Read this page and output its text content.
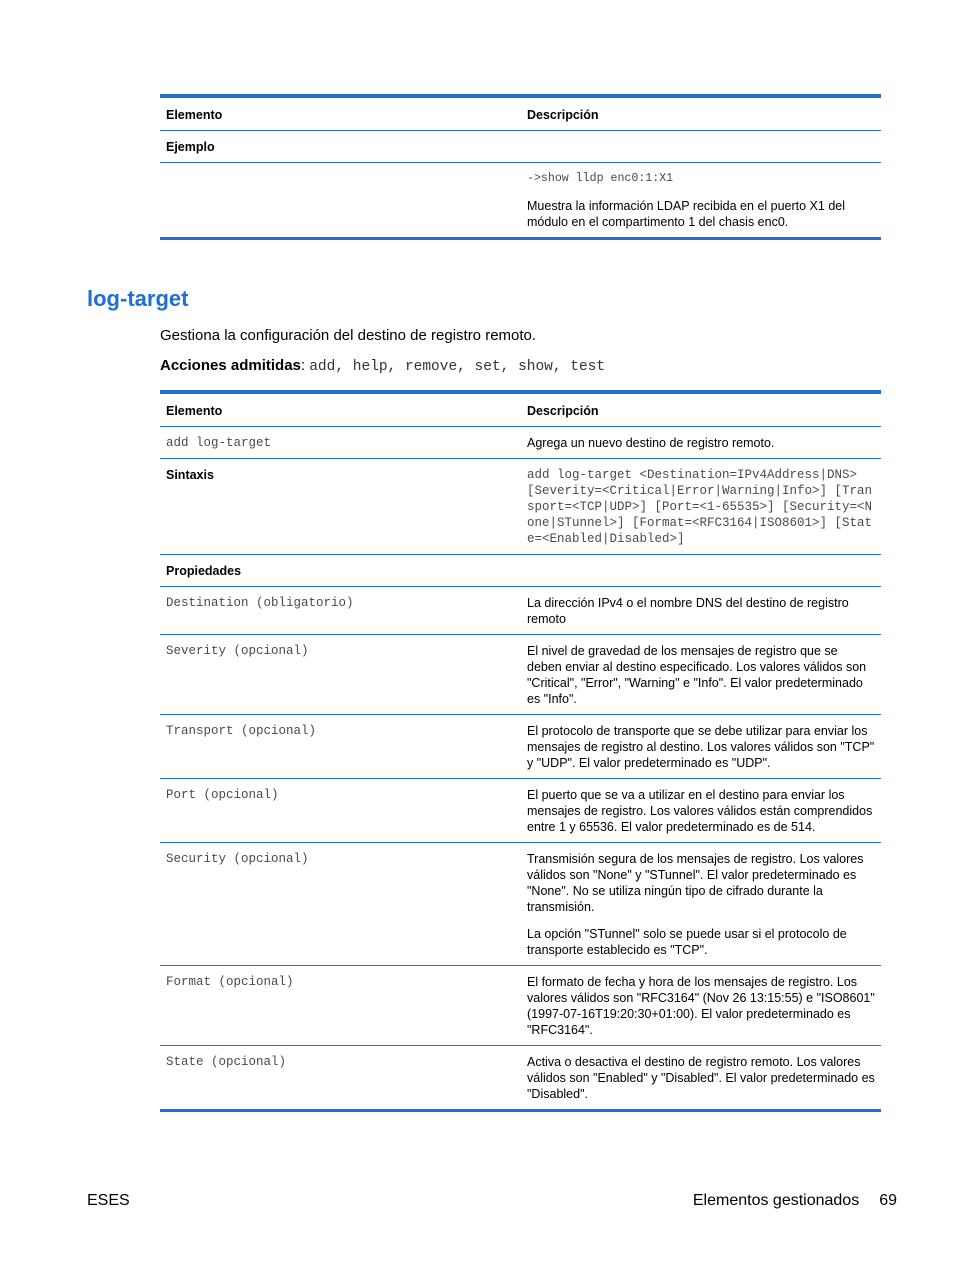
Elemento	Descripción
Ejemplo	

	->show lldp enc0:1:X1

Muestra la información LDAP recibida en el puerto X1 del módulo en el compartimento 1 del chasis enc0.

log-target

Gestiona la configuración del destino de registro remoto.

Acciones admitidas: add, help, remove, set, show, test

Elemento	Descripción
add log-target	Agrega un nuevo destino de registro remoto.
Sintaxis	add log-target <Destination=IPv4Address|DNS> [Severity=<Critical|Error|Warning|Info>] [Transport=<TCP|UDP>] [Port=<1-65535>] [Security=<None|STunnel>] [Format=<RFC3164|ISO8601>] [State=<Enabled|Disabled>]
Propiedades	
Destination (obligatorio)	La dirección IPv4 o el nombre DNS del destino de registro remoto
Severity (opcional)	El nivel de gravedad de los mensajes de registro que se deben enviar al destino especificado. Los valores válidos son "Critical", "Error", "Warning" e "Info". El valor predeterminado es "Info".
Transport (opcional)	El protocolo de transporte que se debe utilizar para enviar los mensajes de registro al destino. Los valores válidos son "TCP" y "UDP". El valor predeterminado es "UDP".
Port (opcional)	El puerto que se va a utilizar en el destino para enviar los mensajes de registro. Los valores válidos están comprendidos entre 1 y 65536. El valor predeterminado es de 514.
Security (opcional)	Transmisión segura de los mensajes de registro. Los valores válidos son "None" y "STunnel". El valor predeterminado es "None". No se utiliza ningún tipo de cifrado durante la transmisión.

La opción "STunnel" solo se puede usar si el protocolo de transporte establecido es "TCP".

Format (opcional)	El formato de fecha y hora de los mensajes de registro. Los valores válidos son "RFC3164" (Nov 26 13:15:55) e "ISO8601" (1997-07-16T19:20:30+01:00). El valor predeterminado es "RFC3164".
State (opcional)	Activa o desactiva el destino de registro remoto. Los valores válidos son "Enabled" y "Disabled". El valor predeterminado es "Disabled".
ESES	Elementos gestionados 69
